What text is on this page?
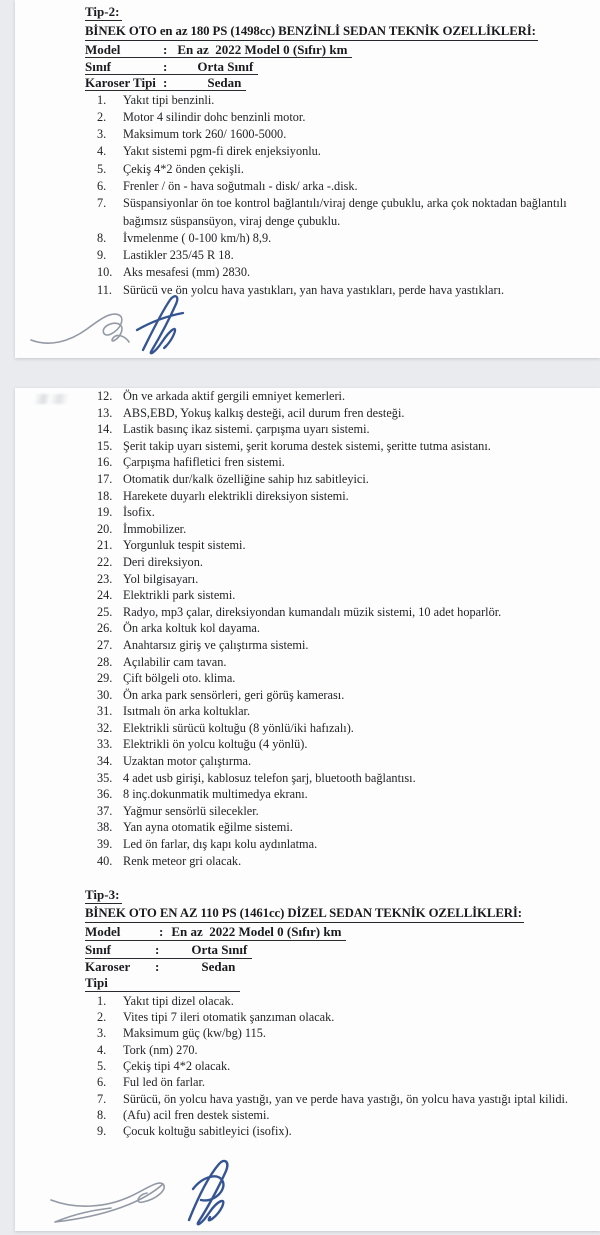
Tip-2:
BİNEK OTO en az 180 PS (1498cc) BENZİNLİ SEDAN TEKNİK OZELLİKLERİ:
Model	: En az  2022 Model 0 (Sıfır) km
Sınıf	: Orta Sınıf
Karoser Tipi :	Sedan
1.	Yakıt tipi benzinli.
2.	Motor 4 silindir dohc benzinli motor.
3.	Maksimum tork 260/ 1600-5000.
4.	Yakıt sistemi pgm-fi direk enjeksiyonlu.
5.	Çekiş 4*2 önden çekişli.
6.	Frenler / ön - hava soğutmalı - disk/ arka -.disk.
7.	Süspansiyonlar ön toe kontrol bağlantılı/viraj denge çubuklu, arka çok noktadan bağlantılı bağımsız süspansüyon, viraj denge çubuklu.
8.	İvmelenme ( 0-100 km/h) 8,9.
9.	Lastikler 235/45 R 18.
10. Aks mesafesi (mm) 2830.
11. Sürücü ve ön yolcu hava yastıkları, yan hava yastıkları, perde hava yastıkları.
12. Ön ve arkada aktif gergili emniyet kemerleri.
13. ABS,EBD, Yokuş kalkış desteği, acil durum fren desteği.
14. Lastik basınç ikaz sistemi. çarpışma uyarı sistemi.
15. Şerit takip uyarı sistemi, şerit koruma destek sistemi, şeritte tutma asistanı.
16. Çarpışma hafifletici fren sistemi.
17. Otomatik dur/kalk özelliğine sahip hız sabitleyici.
18. Harekete duyarlı elektrikli direksiyon sistemi.
19. İsofix.
20. İmmobilizer.
21. Yorgunluk tespit sistemi.
22. Deri direksiyon.
23. Yol bilgisayarı.
24. Elektrikli park sistemi.
25. Radyo, mp3 çalar, direksiyondan kumandalı müzik sistemi, 10 adet hoparlör.
26. Ön arka koltuk kol dayama.
27. Anahtarsız giriş ve çalıştırma sistemi.
28. Açılabilir cam tavan.
29. Çift bölgeli oto. klima.
30. Ön arka park sensörleri, geri görüş kamerası.
31. Isıtmalı ön arka koltuklar.
32. Elektrikli sürücü koltuğu (8 yönlü/iki hafızalı).
33. Elektrikli ön yolcu koltuğu (4 yönlü).
34. Uzaktan motor çalıştırma.
35. 4 adet usb girişi, kablosuz telefon şarj, bluetooth bağlantısı.
36. 8 inç.dokunmatik multimedya ekranı.
37. Yağmur sensörlü silecekler.
38. Yan ayna otomatik eğilme sistemi.
39. Led ön farlar, dış kapı kolu aydınlatma.
40. Renk meteor gri olacak.
Tip-3:
BİNEK OTO EN AZ 110 PS (1461cc) DİZEL SEDAN TEKNİK OZELLİKLERİ:
Model	: En az  2022 Model 0 (Sıfır) km
Sınıf	: Orta Sınıf
Karoser Tipi
:	Sedan
1.	Yakıt tipi dizel olacak.
2.	Vites tipi 7 ileri otomatik şanzıman olacak.
3.	Maksimum güç (kw/bg) 115.
4.	Tork (nm) 270.
5.	Çekiş tipi 4*2 olacak.
6.	Ful led ön farlar.
7.	Sürücü, ön yolcu hava yastığı, yan ve perde hava yastığı, ön yolcu hava yastığı iptal kilidi.
8.	(Afu) acil fren destek sistemi.
9.	Çocuk koltuğu sabitleyici (isofix).
